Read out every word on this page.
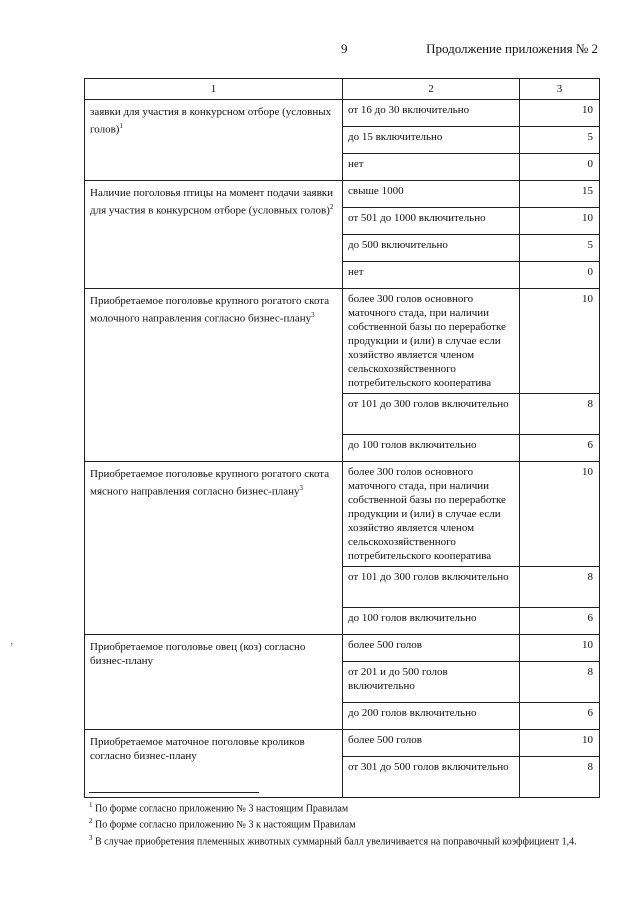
9	Продолжение приложения № 2
1	2	3

заявки для участия в конкурсном отборе (условных голов)$^1$	от 16 до 30 включительно	10
	до 15 включительно	5
	нет	0

Наличие поголовья птицы на момент подачи заявки для участия в конкурсном отборе (условных голов)$^2$	свыше 1000	15
	от 501 до 1000 включительно	10
	до 500 включительно	5
	нет	0

Приобретаемое поголовье крупного рогатого скота молочного направления согласно бизнес-плану$^3$	более 300 голов основного маточного стада, при наличии собственной базы по переработке продукции и (или) в случае если хозяйство является членом сельскохозяйственного потребительского кооператива	10
	от 101 до 300 голов включительно	8
	до 100 голов включительно	6

Приобретаемое поголовье крупного рогатого скота мясного направления согласно бизнес-плану$^3$	более 300 голов основного маточного стада, при наличии собственной базы по переработке продукции и (или) в случае если хозяйство является членом сельскохозяйственного потребительского кооператива	10
	от 101 до 300 голов включительно	8
	до 100 голов включительно	6

Приобретаемое поголовье овец (коз) согласно бизнес-плану	более 500 голов	10
	от 201 и до 500 голов включительно	8
	до 200 голов включительно	6

Приобретаемое маточное поголовье кроликов согласно бизнес-плану	более 500 голов	10
	от 301 до 500 голов включительно	8

$^1$ По форме согласно приложению № 3 настоящим Правилам

$^2$ По форме согласно приложению № 3 к настоящим Правилам

$^3$ В случае приобретения племенных животных суммарный балл увеличивается на поправочный коэффициент 1,4.

‚
